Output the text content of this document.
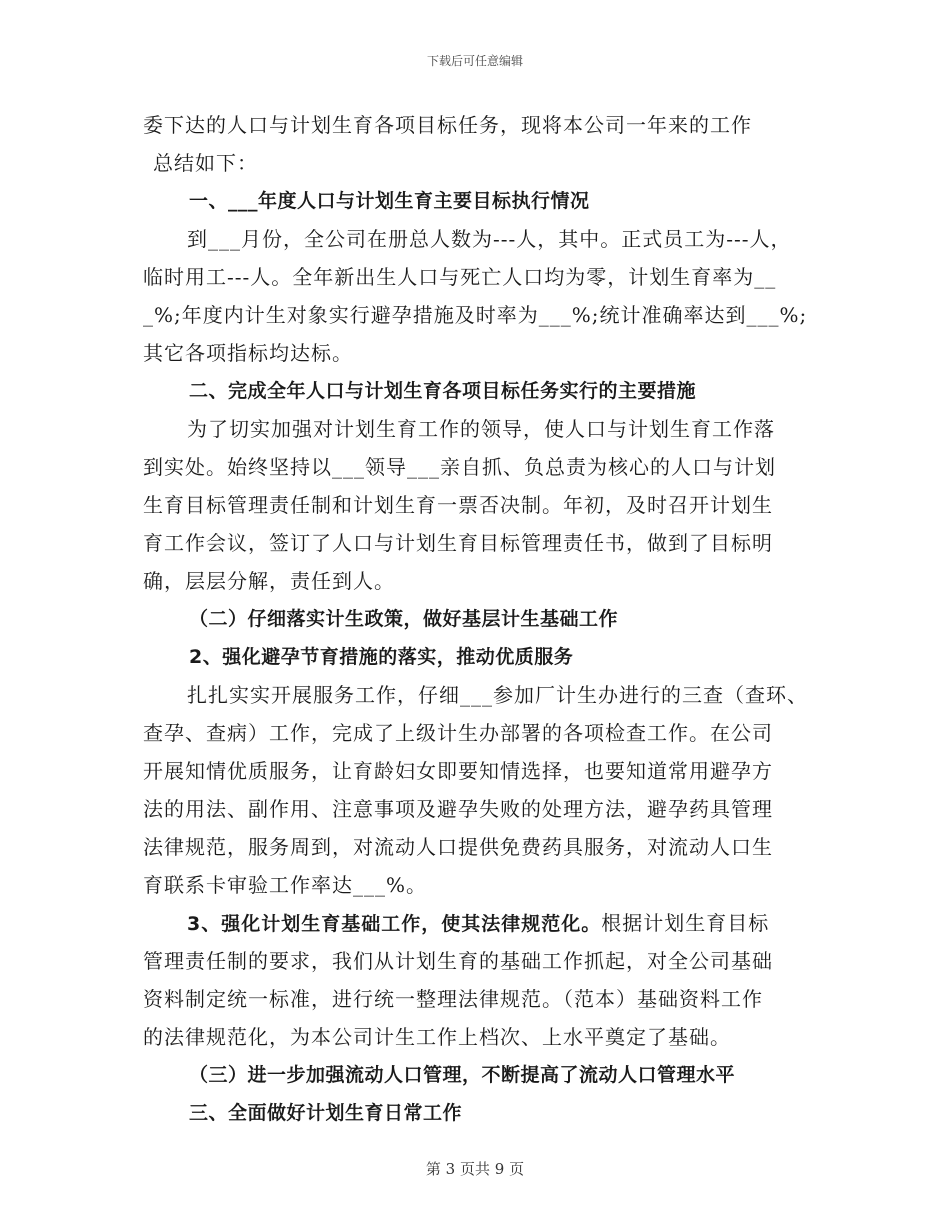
下载后可任意编辑
委下达的人口与计划生育各项目标任务，现将本公司一年来的工作
总结如下：
一、___年度人口与计划生育主要目标执行情况
到___月份，全公司在册总人数为---人，其中。正式员工为---人，
临时用工---人。全年新出生人口与死亡人口均为零，计划生育率为__
_%;年度内计生对象实行避孕措施及时率为___%;统计准确率达到___%;
其它各项指标均达标。
二、完成全年人口与计划生育各项目标任务实行的主要措施
为了切实加强对计划生育工作的领导，使人口与计划生育工作落
到实处。始终坚持以___领导___亲自抓、负总责为核心的人口与计划
生育目标管理责任制和计划生育一票否决制。年初，及时召开计划生
育工作会议，签订了人口与计划生育目标管理责任书，做到了目标明
确，层层分解，责任到人。
（二）仔细落实计生政策，做好基层计生基础工作
2、强化避孕节育措施的落实，推动优质服务
扎扎实实开展服务工作，仔细___参加厂计生办进行的三查（查环、
查孕、查病）工作，完成了上级计生办部署的各项检查工作。在公司
开展知情优质服务，让育龄妇女即要知情选择，也要知道常用避孕方
法的用法、副作用、注意事项及避孕失败的处理方法，避孕药具管理
法律规范，服务周到，对流动人口提供免费药具服务，对流动人口生
育联系卡审验工作率达___%。
3、强化计划生育基础工作，使其法律规范化。根据计划生育目标
管理责任制的要求，我们从计划生育的基础工作抓起，对全公司基础
资料制定统一标准，进行统一整理法律规范。（范本）基础资料工作
的法律规范化，为本公司计生工作上档次、上水平奠定了基础。
（三）进一步加强流动人口管理，不断提高了流动人口管理水平
三、全面做好计划生育日常工作
第 3 页共 9 页
